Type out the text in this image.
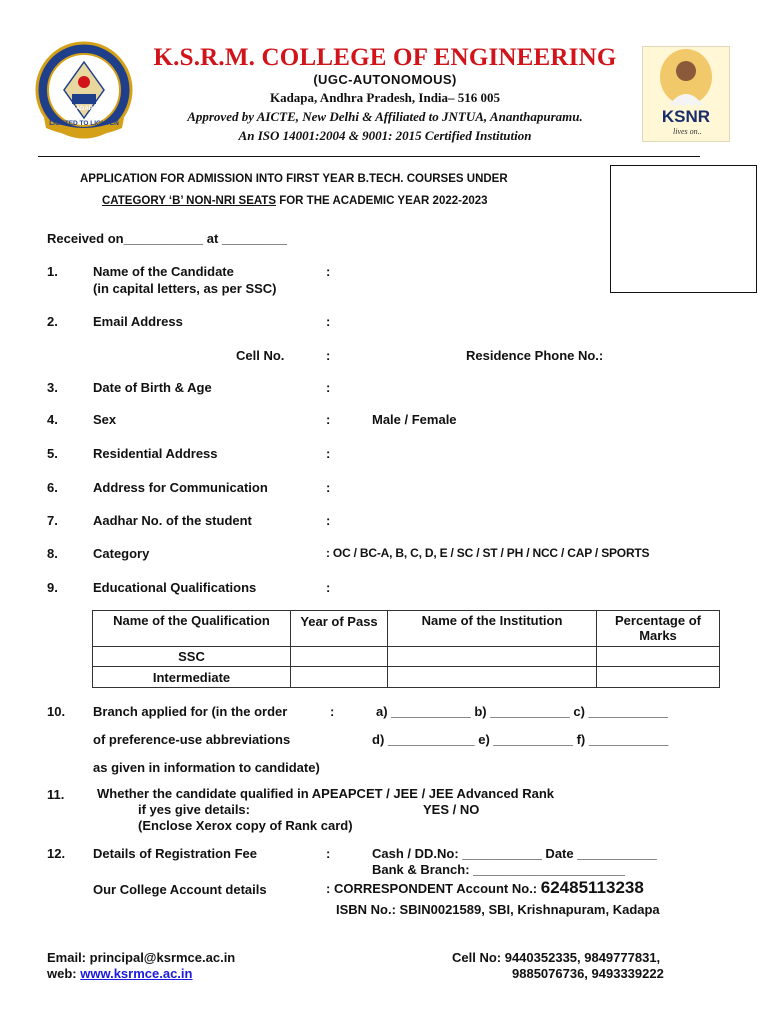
LIGHTED TO LIGHTEN
KADAPA	KSNR
lives on..
K.S.R.M. COLLEGE OF ENGINEERING
(UGC-AUTONOMOUS)
Kadapa, Andhra Pradesh, India– 516 005
Approved by AICTE, New Delhi & Affiliated to JNTUA, Ananthapuramu.
An ISO 14001:2004 & 9001: 2015 Certified Institution
APPLICATION FOR ADMISSION INTO FIRST YEAR B.TECH. COURSES UNDER
CATEGORY ‘B’ NON-NRI SEATS FOR THE ACADEMIC YEAR 2022-2023
Received on___________ at _________
1.	Name of the Candidate
(in capital letters, as per SSC)
:
2.	Email Address	:
Cell No.	:	Residence Phone No.:
3.	Date of Birth & Age	:
4.	Sex	:	Male / Female
5.	Residential Address	:
6.	Address for Communication	:
7.	Aadhar No. of the student	:
8.	Category	: OC / BC-A, B, C, D, E / SC / ST / PH / NCC / CAP / SPORTS
9.	Educational Qualifications	:
Name of the Qualification	Year of Pass	Name of the Institution	Percentage of Marks
SSC			
Intermediate			
10. Branch applied for (in the order	:	a) ___________ b) ___________ c) ___________
of preference-use abbreviations	d) ____________ e) ___________ f) ___________
as given in information to candidate)
11.	Whether the candidate qualified in APEAPCET / JEE / JEE Advanced Rank
if yes give details:	YES / NO
(Enclose Xerox copy of Rank card)
12. Details of Registration Fee	:	Cash / DD.No: ___________ Date ___________
Bank & Branch: _____________________
Our College Account details	: CORRESPONDENT Account No.: 62485113238
ISBN No.: SBIN0021589, SBI, Krishnapuram, Kadapa
Email: principal@ksrmce.ac.in
web: www.ksrmce.ac.in
Cell No: 9440352335, 9849777831,
9885076736, 9493339222
